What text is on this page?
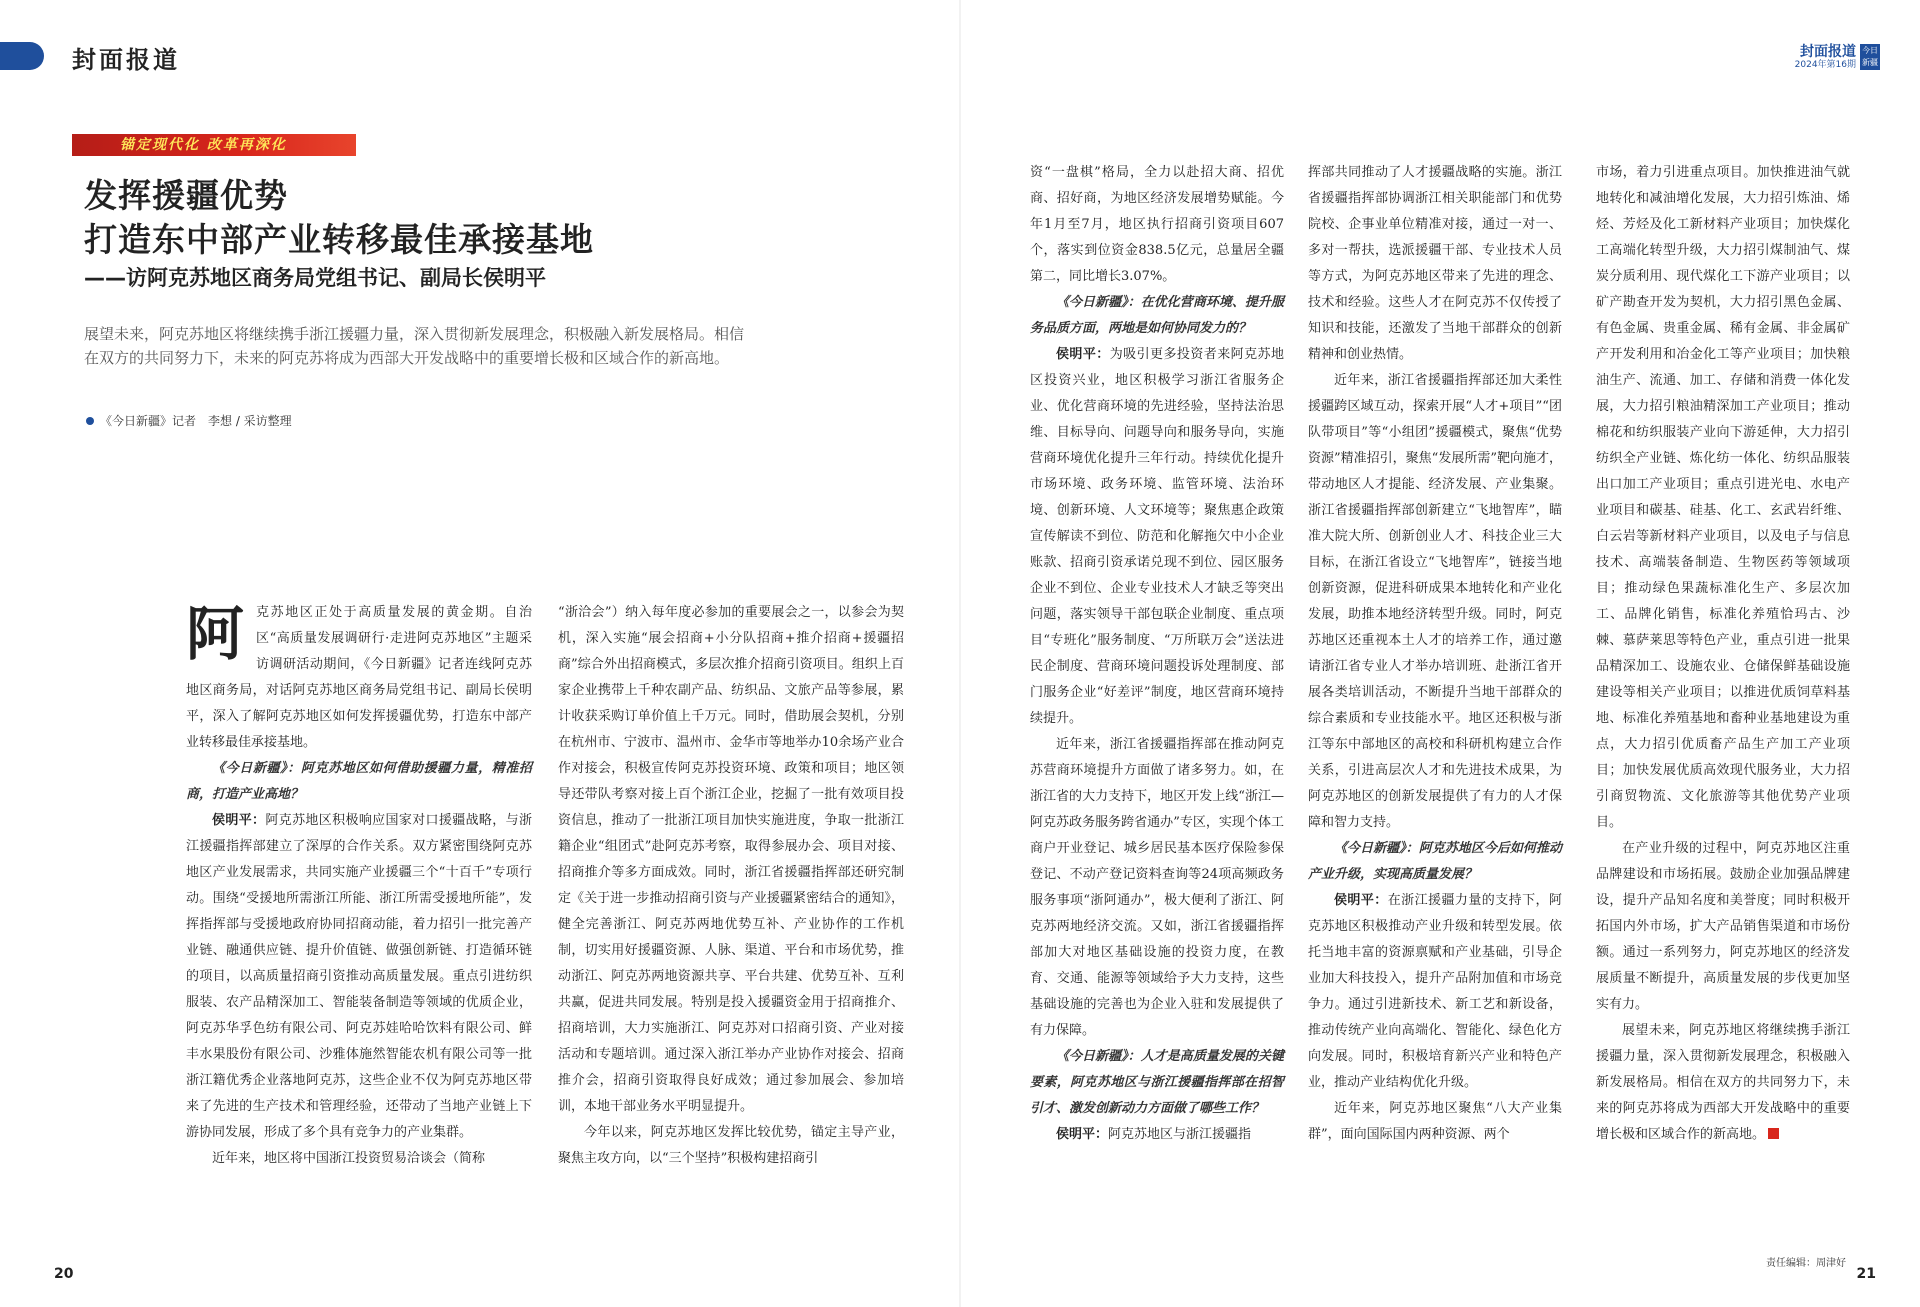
封面报道	封面报道
2024年第16期
今日新疆
锚定现代化 改革再深化
发挥援疆优势
打造东中部产业转移最佳承接基地
——访阿克苏地区商务局党组书记、副局长侯明平
展望未来，阿克苏地区将继续携手浙江援疆力量，深入贯彻新发展理念，积极融入新发展格局。相信在双方的共同努力下，未来的阿克苏将成为西部大开发战略中的重要增长极和区域合作的新高地。
《今日新疆》记者　李想 / 采访整理

阿克苏地区正处于高质量发展的黄金期。自治区“高质量发展调研行·走进阿克苏地区”主题采访调研活动期间，《今日新疆》记者连线阿克苏地区商务局，对话阿克苏地区商务局党组书记、副局长侯明平，深入了解阿克苏地区如何发挥援疆优势，打造东中部产业转移最佳承接基地。

《今日新疆》：阿克苏地区如何借助援疆力量，精准招商，打造产业高地？

侯明平：阿克苏地区积极响应国家对口援疆战略，与浙江援疆指挥部建立了深厚的合作关系。双方紧密围绕阿克苏地区产业发展需求，共同实施产业援疆三个“十百千”专项行动。围绕“受援地所需浙江所能、浙江所需受援地所能”，发挥指挥部与受援地政府协同招商动能，着力招引一批完善产业链、融通供应链、提升价值链、做强创新链、打造循环链的项目，以高质量招商引资推动高质量发展。重点引进纺织服装、农产品精深加工、智能装备制造等领域的优质企业，阿克苏华孚色纺有限公司、阿克苏娃哈哈饮料有限公司、鲜丰水果股份有限公司、沙雅体施然智能农机有限公司等一批浙江籍优秀企业落地阿克苏，这些企业不仅为阿克苏地区带来了先进的生产技术和管理经验，还带动了当地产业链上下游协同发展，形成了多个具有竞争力的产业集群。

近年来，地区将中国浙江投资贸易洽谈会（简称

“浙洽会”）纳入每年度必参加的重要展会之一，以参会为契机，深入实施“展会招商+小分队招商+推介招商+援疆招商”综合外出招商模式，多层次推介招商引资项目。组织上百家企业携带上千种农副产品、纺织品、文旅产品等参展，累计收获采购订单价值上千万元。同时，借助展会契机，分别在杭州市、宁波市、温州市、金华市等地举办10余场产业合作对接会，积极宣传阿克苏投资环境、政策和项目；地区领导还带队考察对接上百个浙江企业，挖掘了一批有效项目投资信息，推动了一批浙江项目加快实施进度，争取一批浙江籍企业“组团式”赴阿克苏考察，取得参展办会、项目对接、招商推介等多方面成效。同时，浙江省援疆指挥部还研究制定《关于进一步推动招商引资与产业援疆紧密结合的通知》，健全完善浙江、阿克苏两地优势互补、产业协作的工作机制，切实用好援疆资源、人脉、渠道、平台和市场优势，推动浙江、阿克苏两地资源共享、平台共建、优势互补、互利共赢，促进共同发展。特别是投入援疆资金用于招商推介、招商培训，大力实施浙江、阿克苏对口招商引资、产业对接活动和专题培训。通过深入浙江举办产业协作对接会、招商推介会，招商引资取得良好成效；通过参加展会、参加培训，本地干部业务水平明显提升。

今年以来，阿克苏地区发挥比较优势，锚定主导产业，聚焦主攻方向，以“三个坚持”积极构建招商引

资“一盘棋”格局，全力以赴招大商、招优商、招好商，为地区经济发展增势赋能。今年1月至7月，地区执行招商引资项目607个，落实到位资金838.5亿元，总量居全疆第二，同比增长3.07%。

《今日新疆》：在优化营商环境、提升服务品质方面，两地是如何协同发力的？

侯明平：为吸引更多投资者来阿克苏地区投资兴业，地区积极学习浙江省服务企业、优化营商环境的先进经验，坚持法治思维、目标导向、问题导向和服务导向，实施营商环境优化提升三年行动。持续优化提升市场环境、政务环境、监管环境、法治环境、创新环境、人文环境等；聚焦惠企政策宣传解读不到位、防范和化解拖欠中小企业账款、招商引资承诺兑现不到位、园区服务企业不到位、企业专业技术人才缺乏等突出问题，落实领导干部包联企业制度、重点项目“专班化”服务制度、“万所联万会”送法进民企制度、营商环境问题投诉处理制度、部门服务企业“好差评”制度，地区营商环境持续提升。

近年来，浙江省援疆指挥部在推动阿克苏营商环境提升方面做了诸多努力。如，在浙江省的大力支持下，地区开发上线“浙江—阿克苏政务服务跨省通办”专区，实现个体工商户开业登记、城乡居民基本医疗保险参保登记、不动产登记资料查询等24项高频政务服务事项“浙阿通办”，极大便利了浙江、阿克苏两地经济交流。又如，浙江省援疆指挥部加大对地区基础设施的投资力度，在教育、交通、能源等领域给予大力支持，这些基础设施的完善也为企业入驻和发展提供了有力保障。

《今日新疆》：人才是高质量发展的关键要素，阿克苏地区与浙江援疆指挥部在招智引才、激发创新动力方面做了哪些工作？

侯明平：阿克苏地区与浙江援疆指

挥部共同推动了人才援疆战略的实施。浙江省援疆指挥部协调浙江相关职能部门和优势院校、企事业单位精准对接，通过一对一、多对一帮扶，选派援疆干部、专业技术人员等方式，为阿克苏地区带来了先进的理念、技术和经验。这些人才在阿克苏不仅传授了知识和技能，还激发了当地干部群众的创新精神和创业热情。

近年来，浙江省援疆指挥部还加大柔性援疆跨区域互动，探索开展“人才+项目”“团队带项目”等“小组团”援疆模式，聚焦“优势资源”精准招引，聚焦“发展所需”靶向施才，带动地区人才提能、经济发展、产业集聚。浙江省援疆指挥部创新建立“飞地智库”，瞄准大院大所、创新创业人才、科技企业三大目标，在浙江省设立“飞地智库”，链接当地创新资源，促进科研成果本地转化和产业化发展，助推本地经济转型升级。同时，阿克苏地区还重视本土人才的培养工作，通过邀请浙江省专业人才举办培训班、赴浙江省开展各类培训活动，不断提升当地干部群众的综合素质和专业技能水平。地区还积极与浙江等东中部地区的高校和科研机构建立合作关系，引进高层次人才和先进技术成果，为阿克苏地区的创新发展提供了有力的人才保障和智力支持。

《今日新疆》：阿克苏地区今后如何推动产业升级，实现高质量发展？

侯明平：在浙江援疆力量的支持下，阿克苏地区积极推动产业升级和转型发展。依托当地丰富的资源禀赋和产业基础，引导企业加大科技投入，提升产品附加值和市场竞争力。通过引进新技术、新工艺和新设备，推动传统产业向高端化、智能化、绿色化方向发展。同时，积极培育新兴产业和特色产业，推动产业结构优化升级。

近年来，阿克苏地区聚焦“八大产业集群”，面向国际国内两种资源、两个

市场，着力引进重点项目。加快推进油气就地转化和减油增化发展，大力招引炼油、烯烃、芳烃及化工新材料产业项目；加快煤化工高端化转型升级，大力招引煤制油气、煤炭分质利用、现代煤化工下游产业项目；以矿产勘查开发为契机，大力招引黑色金属、有色金属、贵重金属、稀有金属、非金属矿产开发利用和冶金化工等产业项目；加快粮油生产、流通、加工、存储和消费一体化发展，大力招引粮油精深加工产业项目；推动棉花和纺织服装产业向下游延伸，大力招引纺织全产业链、炼化纺一体化、纺织品服装出口加工产业项目；重点引进光电、水电产业项目和碳基、硅基、化工、玄武岩纤维、白云岩等新材料产业项目，以及电子与信息技术、高端装备制造、生物医药等领域项目；推动绿色果蔬标准化生产、多层次加工、品牌化销售，标准化养殖恰玛古、沙棘、慕萨莱思等特色产业，重点引进一批果品精深加工、设施农业、仓储保鲜基础设施建设等相关产业项目；以推进优质饲草料基地、标准化养殖基地和畜种业基地建设为重点，大力招引优质畜产品生产加工产业项目；加快发展优质高效现代服务业，大力招引商贸物流、文化旅游等其他优势产业项目。

在产业升级的过程中，阿克苏地区注重品牌建设和市场拓展。鼓励企业加强品牌建设，提升产品知名度和美誉度；同时积极开拓国内外市场，扩大产品销售渠道和市场份额。通过一系列努力，阿克苏地区的经济发展质量不断提升，高质量发展的步伐更加坚实有力。

展望未来，阿克苏地区将继续携手浙江援疆力量，深入贯彻新发展理念，积极融入新发展格局。相信在双方的共同努力下，未来的阿克苏将成为西部大开发战略中的重要增长极和区域合作的新高地。

20
责任编辑：周津好
21
